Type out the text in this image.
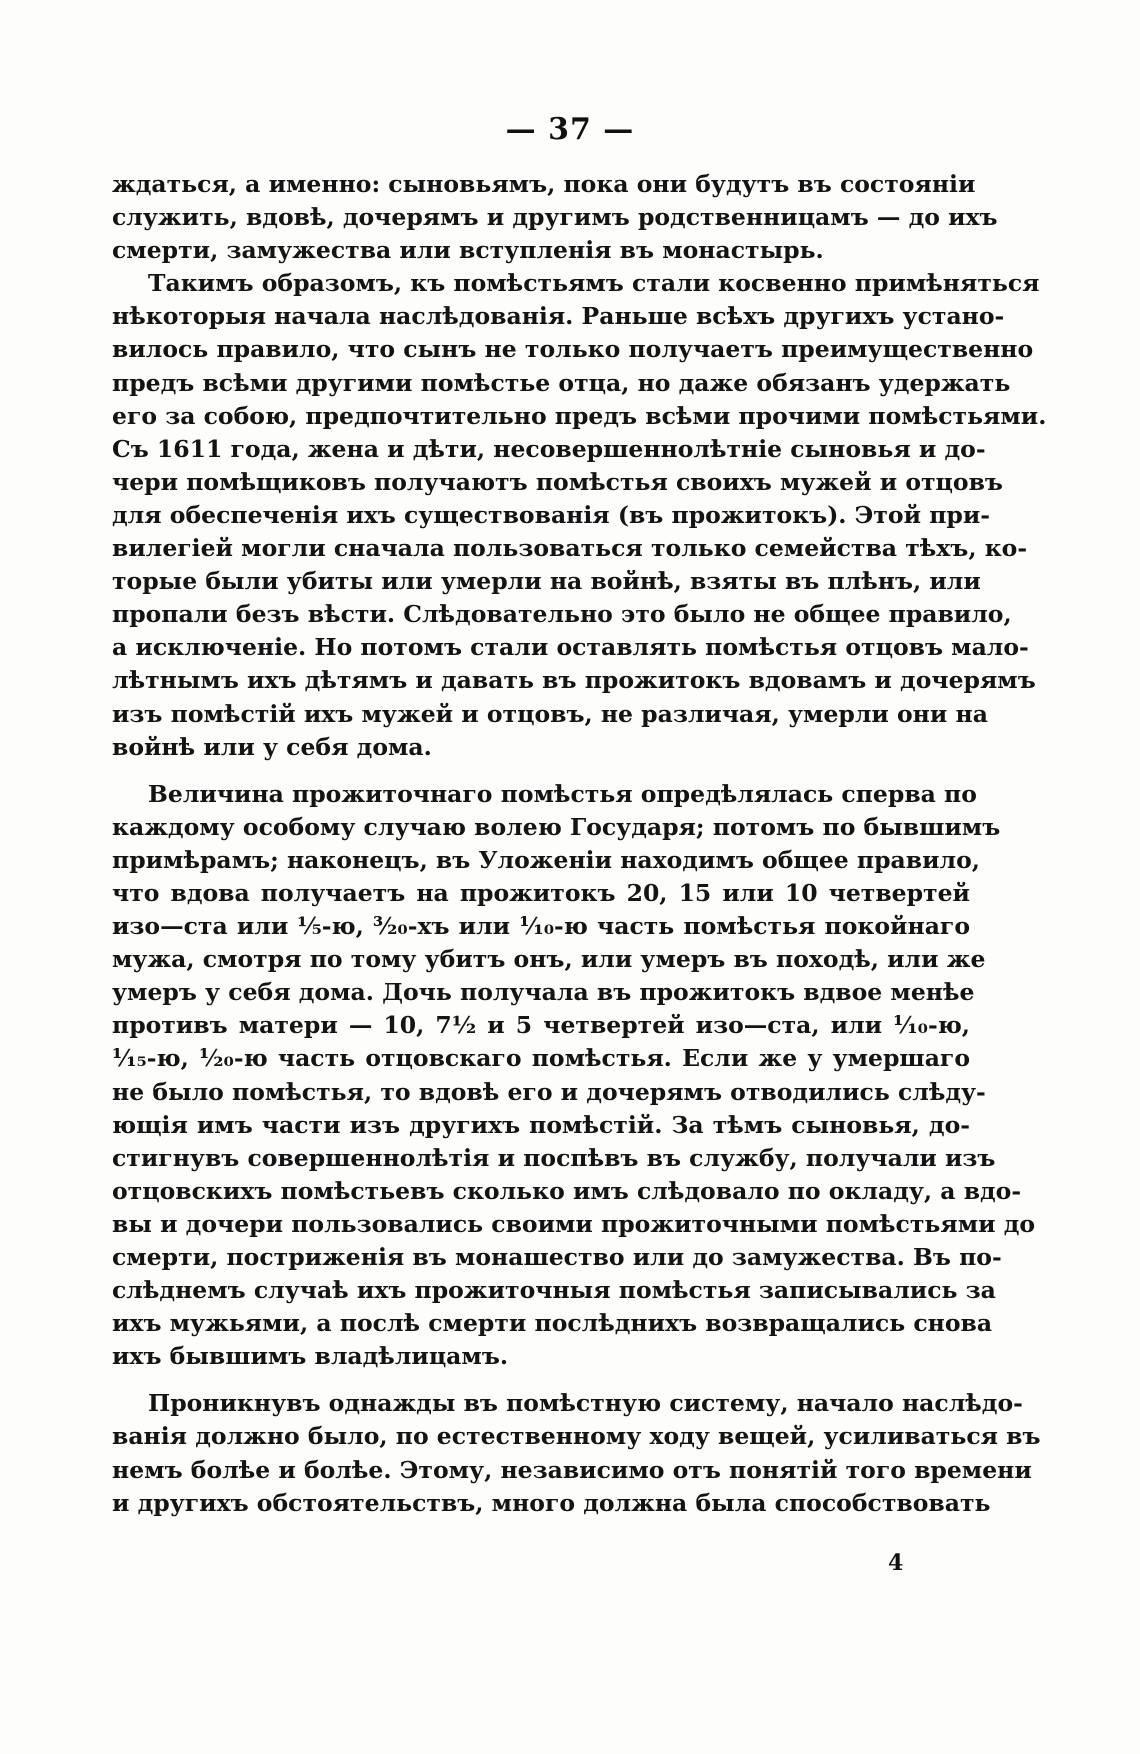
— 37 —
ждаться, а именно: сыновьямъ, пока они будутъ въ состояніи
служить, вдовѣ, дочерямъ и другимъ родственницамъ — до ихъ
смерти, замужества или вступленія въ монастырь.
Такимъ образомъ, къ помѣстьямъ стали косвенно примѣняться
нѣкоторыя начала наслѣдованія. Раньше всѣхъ другихъ устано-
вилось правило, что сынъ не только получаетъ преимущественно
предъ всѣми другими помѣстье отца, но даже обязанъ удержать
его за собою, предпочтительно предъ всѣми прочими помѣстьями.
Съ 1611 года, жена и дѣти, несовершеннолѣтніе сыновья и до-
чери помѣщиковъ получаютъ помѣстья своихъ мужей и отцовъ
для обеспеченія ихъ существованія (въ прожитокъ). Этой при-
вилегіей могли сначала пользоваться только семейства тѣхъ, ко-
торые были убиты или умерли на войнѣ, взяты въ плѣнъ, или
пропали безъ вѣсти. Слѣдовательно это было не общее правило,
а исключеніе. Но потомъ стали оставлять помѣстья отцовъ мало-
лѣтнымъ ихъ дѣтямъ и давать въ прожитокъ вдовамъ и дочерямъ
изъ помѣстій ихъ мужей и отцовъ, не различая, умерли они на
войнѣ или у себя дома.
Величина прожиточнаго помѣстья опредѣлялась сперва по
каждому особому случаю волею Государя; потомъ по бывшимъ
примѣрамъ; наконецъ, въ Уложеніи находимъ общее правило,
что вдова получаетъ на прожитокъ 20, 15 или 10 четвертей
изо—ста или ⅕-ю, ³⁄₂₀-хъ или ¹⁄₁₀-ю часть помѣстья покойнаго
мужа, смотря по тому убитъ онъ, или умеръ въ походѣ, или же
умеръ у себя дома. Дочь получала въ прожитокъ вдвое менѣе
противъ матери — 10, 7½ и 5 четвертей изо—ста, или ¹⁄₁₀-ю,
¹⁄₁₅-ю, ¹⁄₂₀-ю часть отцовскаго помѣстья. Если же у умершаго
не было помѣстья, то вдовѣ его и дочерямъ отводились слѣду-
ющія имъ части изъ другихъ помѣстій. За тѣмъ сыновья, до-
стигнувъ совершеннолѣтія и поспѣвъ въ службу, получали изъ
отцовскихъ помѣстьевъ сколько имъ слѣдовало по окладу, а вдо-
вы и дочери пользовались своими прожиточными помѣстьями до
смерти, постриженія въ монашество или до замужества. Въ по-
слѣднемъ случаѣ ихъ прожиточныя помѣстья записывались за
ихъ мужьями, а послѣ смерти послѣднихъ возвращались снова
ихъ бывшимъ владѣлицамъ.
Проникнувъ однажды въ помѣстную систему, начало наслѣдо-
ванія должно было, по естественному ходу вещей, усиливаться въ
немъ болѣе и болѣе. Этому, независимо отъ понятій того времени
и другихъ обстоятельствъ, много должна была способствовать
4
